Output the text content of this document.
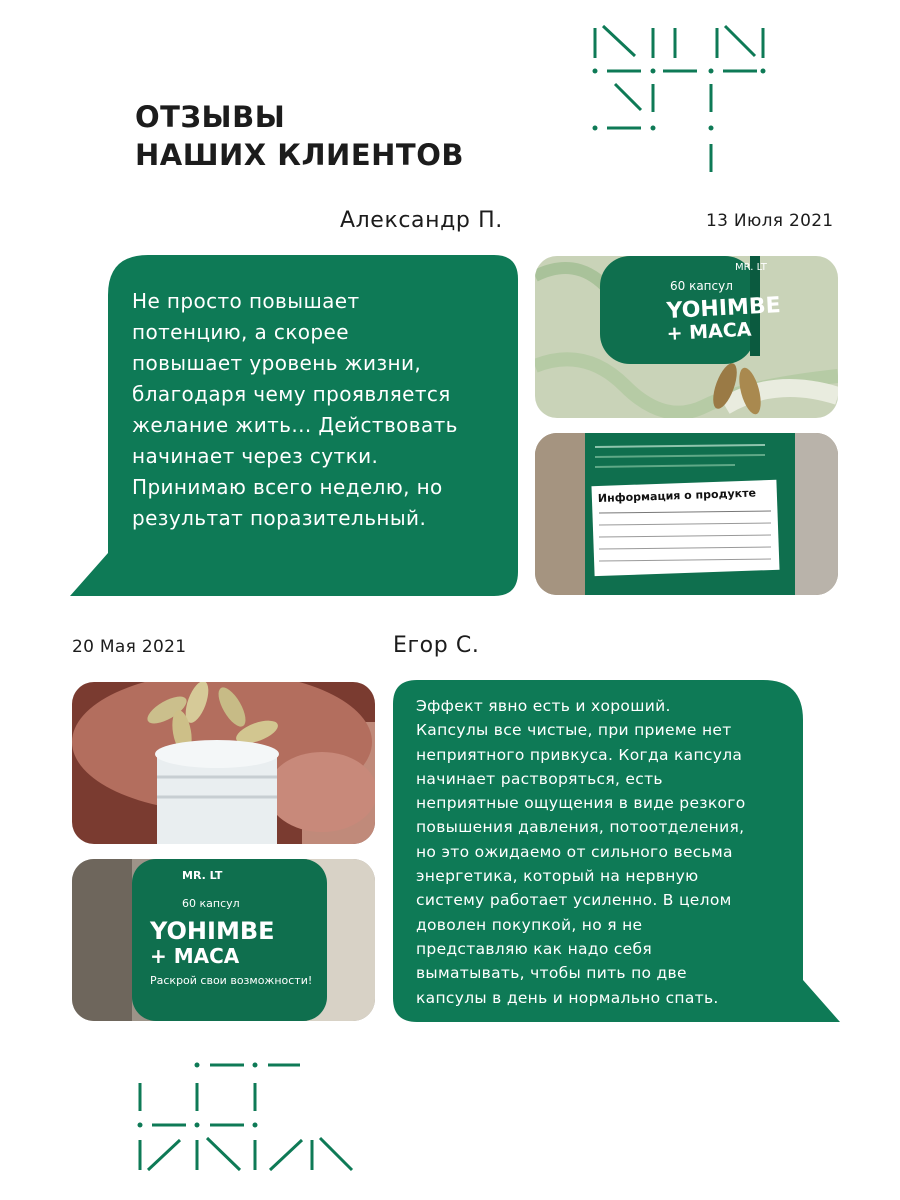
ОТЗЫВЫ
НАШИХ КЛИЕНТОВ
Александр П.	13 Июля 2021

Не просто повышает
потенцию, а скорее
повышает уровень жизни,
благодаря чему проявляется
желание жить... Действовать
начинает через сутки.
Принимаю всего неделю, но
результат поразительный.

60 капсул
YOHIMBE
+ MACA
MR. LT
Информация о продукте
20 Мая 2021	Егор С.
MR. LT
60 капсул
YOHIMBE
+ MACA
Раскрой свои возможности!

Эффект явно есть и хороший.
Капсулы все чистые, при приеме нет
неприятного привкуса. Когда капсула
начинает растворяться, есть
неприятные ощущения в виде резкого
повышения давления, потоотделения,
но это ожидаемо от сильного весьма
энергетика, который на нервную
систему работает усиленно. В целом
доволен покупкой, но я не
представляю как надо себя
выматывать, чтобы пить по две
капсулы в день и нормально спать.
